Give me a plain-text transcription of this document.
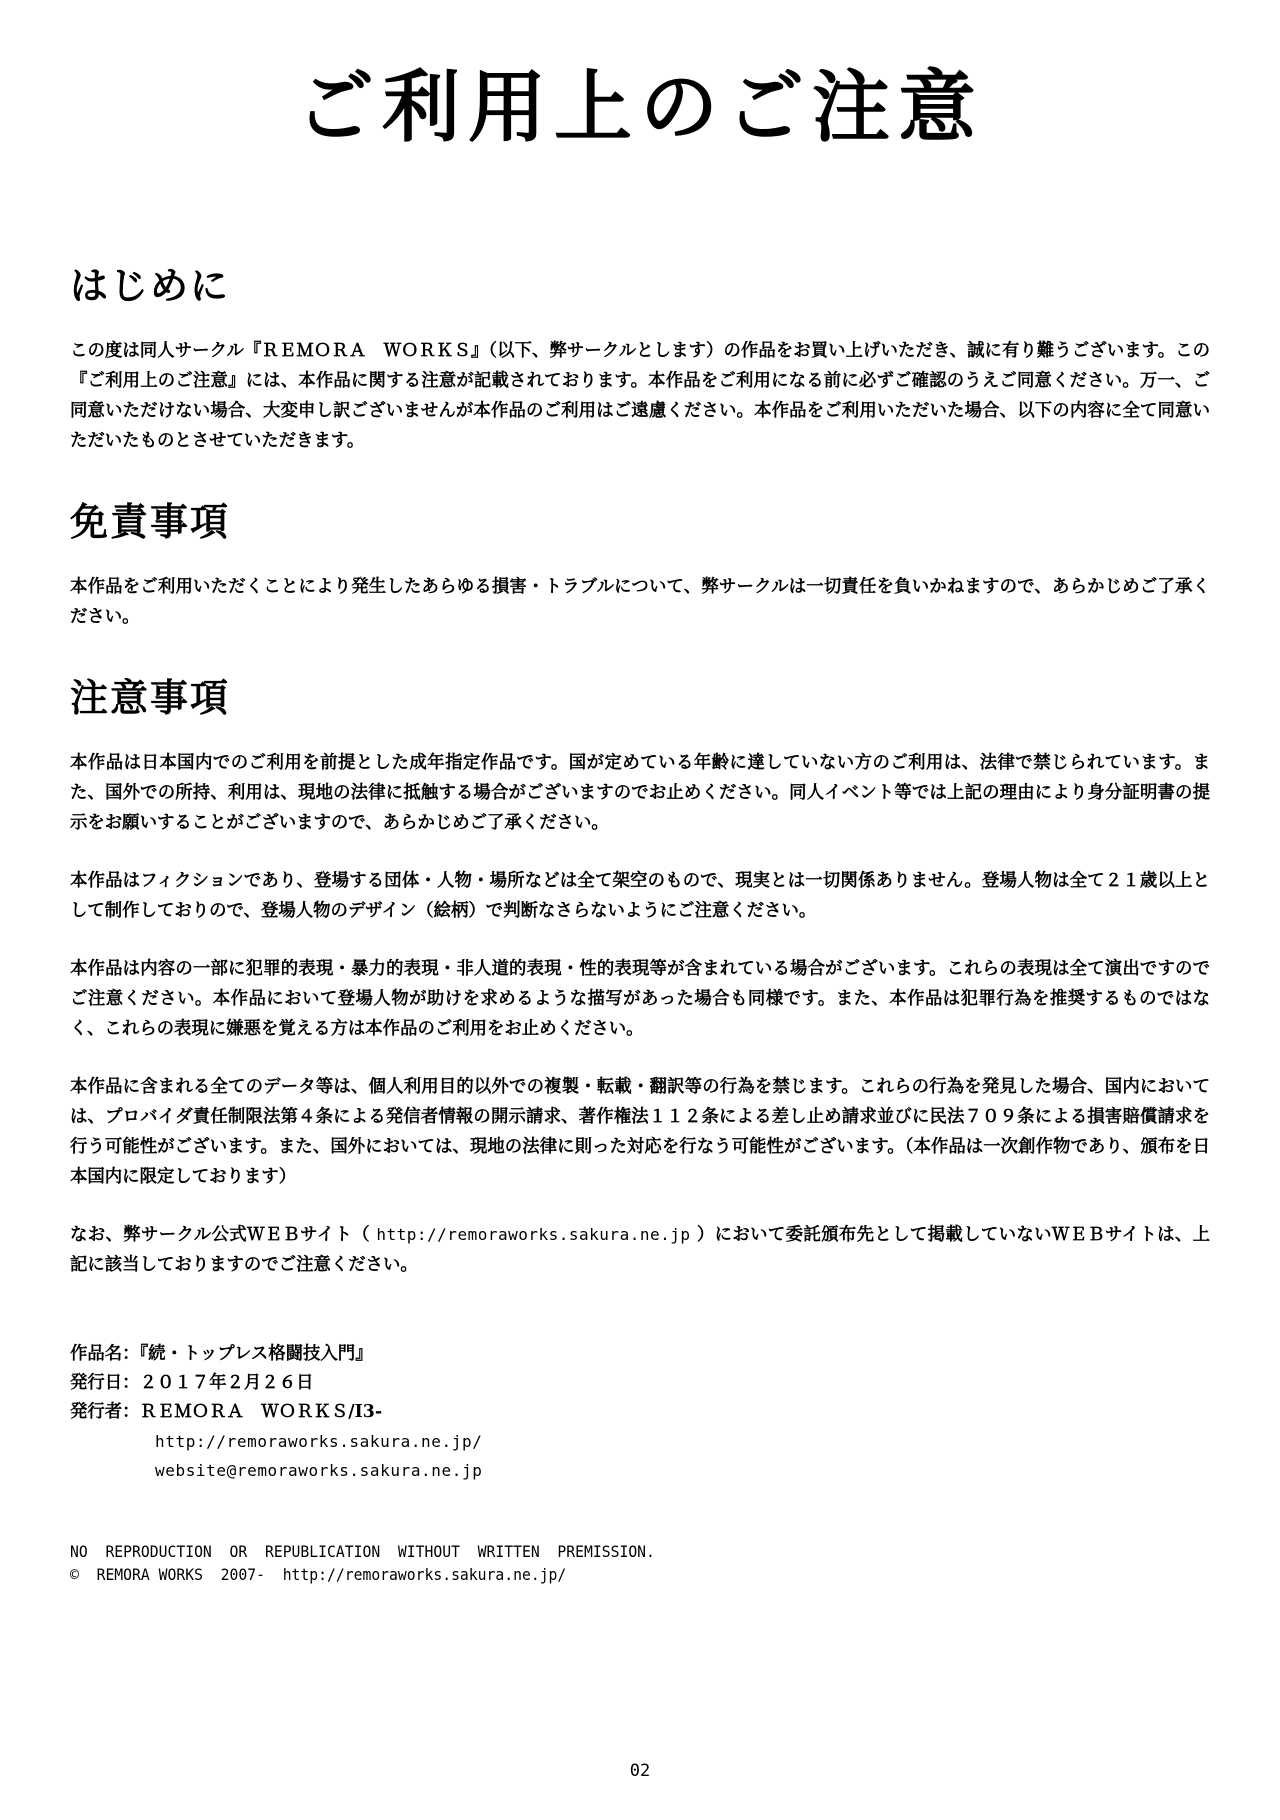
ご利用上のご注意
はじめに

この度は同人サークル『ＲＥＭＯＲＡ　ＷＯＲＫＳ』（以下、弊サークルとします）の作品をお買い上げいただき、誠に有り難うございます。この『ご利用上のご注意』には、本作品に関する注意が記載されております。本作品をご利用になる前に必ずご確認のうえご同意ください。万一、ご同意いただけない場合、大変申し訳ございませんが本作品のご利用はご遠慮ください。本作品をご利用いただいた場合、以下の内容に全て同意いただいたものとさせていただきます。

免責事項

本作品をご利用いただくことにより発生したあらゆる損害・トラブルについて、弊サークルは一切責任を負いかねますので、あらかじめご了承ください。

注意事項

本作品は日本国内でのご利用を前提とした成年指定作品です。国が定めている年齢に達していない方のご利用は、法律で禁じられています。また、国外での所持、利用は、現地の法律に抵触する場合がございますのでお止めください。同人イベント等では上記の理由により身分証明書の提示をお願いすることがございますので、あらかじめご了承ください。

本作品はフィクションであり、登場する団体・人物・場所などは全て架空のもので、現実とは一切関係ありません。登場人物は全て２１歳以上として制作しておりので、登場人物のデザイン（絵柄）で判断なさらないようにご注意ください。

本作品は内容の一部に犯罪的表現・暴力的表現・非人道的表現・性的表現等が含まれている場合がございます。これらの表現は全て演出ですのでご注意ください。本作品において登場人物が助けを求めるような描写があった場合も同様です。また、本作品は犯罪行為を推奨するものではなく、これらの表現に嫌悪を覚える方は本作品のご利用をお止めください。

本作品に含まれる全てのデータ等は、個人利用目的以外での複製・転載・翻訳等の行為を禁じます。これらの行為を発見した場合、国内においては、プロバイダ責任制限法第４条による発信者情報の開示請求、著作権法１１２条による差し止め請求並びに民法７０９条による損害賠償請求を行う可能性がございます。また、国外においては、現地の法律に則った対応を行なう可能性がございます。（本作品は一次創作物であり、頒布を日本国内に限定しております）

なお、弊サークル公式ＷＥＢサイト（ http://remoraworks.sakura.ne.jp ）において委託頒布先として掲載していないＷＥＢサイトは、上記に該当しておりますのでご注意ください。

作品名：『続・トップレス格闘技入門』

発行日：２０１７年２月２６日

発行者：ＲＥＭＯＲＡ　ＷＯＲＫＳ/I3-

http://remoraworks.sakura.ne.jp/

website@remoraworks.sakura.ne.jp

NO  REPRODUCTION  OR  REPUBLICATION  WITHOUT  WRITTEN  PREMISSION.

©  REMORA WORKS  2007-  http://remoraworks.sakura.ne.jp/

02
